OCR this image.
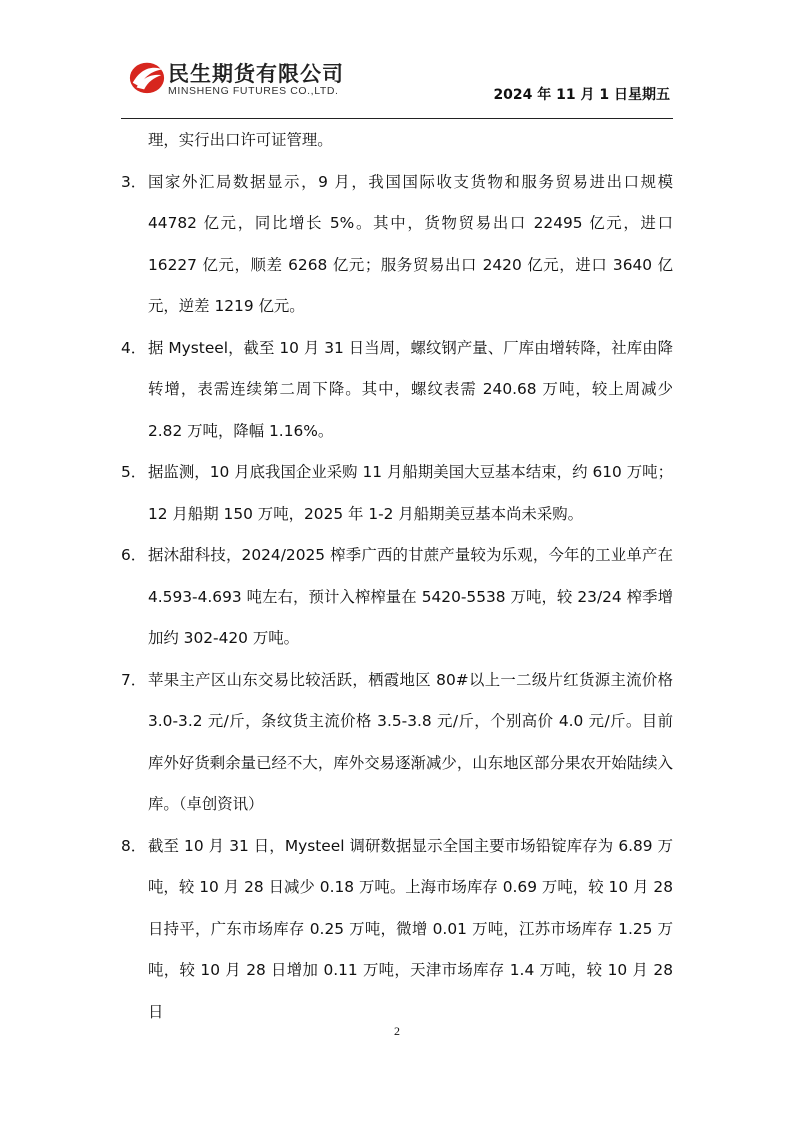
民生期货有限公司
MINSHENG FUTURES CO.,LTD.	2024 年 11 月 1 日星期五

理，实行出口许可证管理。

3． 国家外汇局数据显示，9 月，我国国际收支货物和服务贸易进出口规模 44782 亿元，同比增长 5%。其中，货物贸易出口 22495 亿元，进口 16227 亿元，顺差 6268 亿元；服务贸易出口 2420 亿元，进口 3640 亿元，逆差 1219 亿元。

4． 据 Mysteel，截至 10 月 31 日当周，螺纹钢产量、厂库由增转降，社库由降转增，表需连续第二周下降。其中，螺纹表需 240.68 万吨，较上周减少 2.82 万吨，降幅 1.16%。

5． 据监测，10 月底我国企业采购 11 月船期美国大豆基本结束，约 610 万吨；12 月船期 150 万吨，2025 年 1-2 月船期美豆基本尚未采购。

6． 据沐甜科技，2024/2025 榨季广西的甘蔗产量较为乐观，今年的工业单产在 4.593-4.693 吨左右，预计入榨榨量在 5420-5538 万吨，较 23/24 榨季增加约 302-420 万吨。

7． 苹果主产区山东交易比较活跃，栖霞地区 80#以上一二级片红货源主流价格 3.0-3.2 元/斤，条纹货主流价格 3.5-3.8 元/斤，个别高价 4.0 元/斤。目前库外好货剩余量已经不大，库外交易逐渐减少，山东地区部分果农开始陆续入库。（卓创资讯）

8． 截至 10 月 31 日，Mysteel 调研数据显示全国主要市场铅锭库存为 6.89 万吨，较 10 月 28 日减少 0.18 万吨。上海市场库存 0.69 万吨，较 10 月 28 日持平，广东市场库存 0.25 万吨，微增 0.01 万吨，江苏市场库存 1.25 万吨，较 10 月 28 日增加 0.11 万吨，天津市场库存 1.4 万吨，较 10 月 28 日

2
